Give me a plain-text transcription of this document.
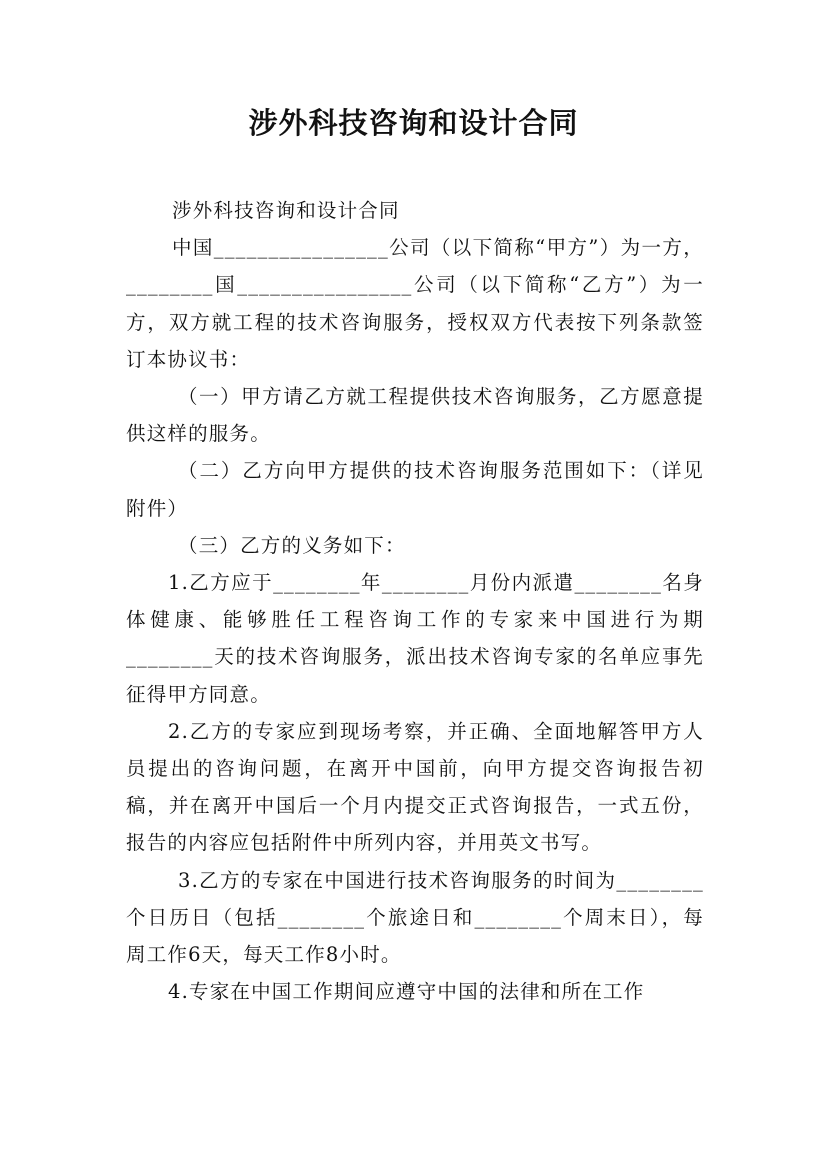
涉外科技咨询和设计合同

涉外科技咨询和设计合同

中国________________公司（以下简称“甲方”）为一方，________国________________公司（以下简称“乙方”）为一方，双方就工程的技术咨询服务，授权双方代表按下列条款签订本协议书：

（一）甲方请乙方就工程提供技术咨询服务，乙方愿意提供这样的服务。

（二）乙方向甲方提供的技术咨询服务范围如下：（详见附件）

（三）乙方的义务如下：

1.乙方应于________年________月份内派遣________名身体健康、能够胜任工程咨询工作的专家来中国进行为期________天的技术咨询服务，派出技术咨询专家的名单应事先征得甲方同意。

2.乙方的专家应到现场考察，并正确、全面地解答甲方人员提出的咨询问题，在离开中国前，向甲方提交咨询报告初稿，并在离开中国后一个月内提交正式咨询报告，一式五份，报告的内容应包括附件中所列内容，并用英文书写。

3.乙方的专家在中国进行技术咨询服务的时间为________个日历日（包括________个旅途日和________个周末日），每周工作6天，每天工作8小时。

4.专家在中国工作期间应遵守中国的法律和所在工作
